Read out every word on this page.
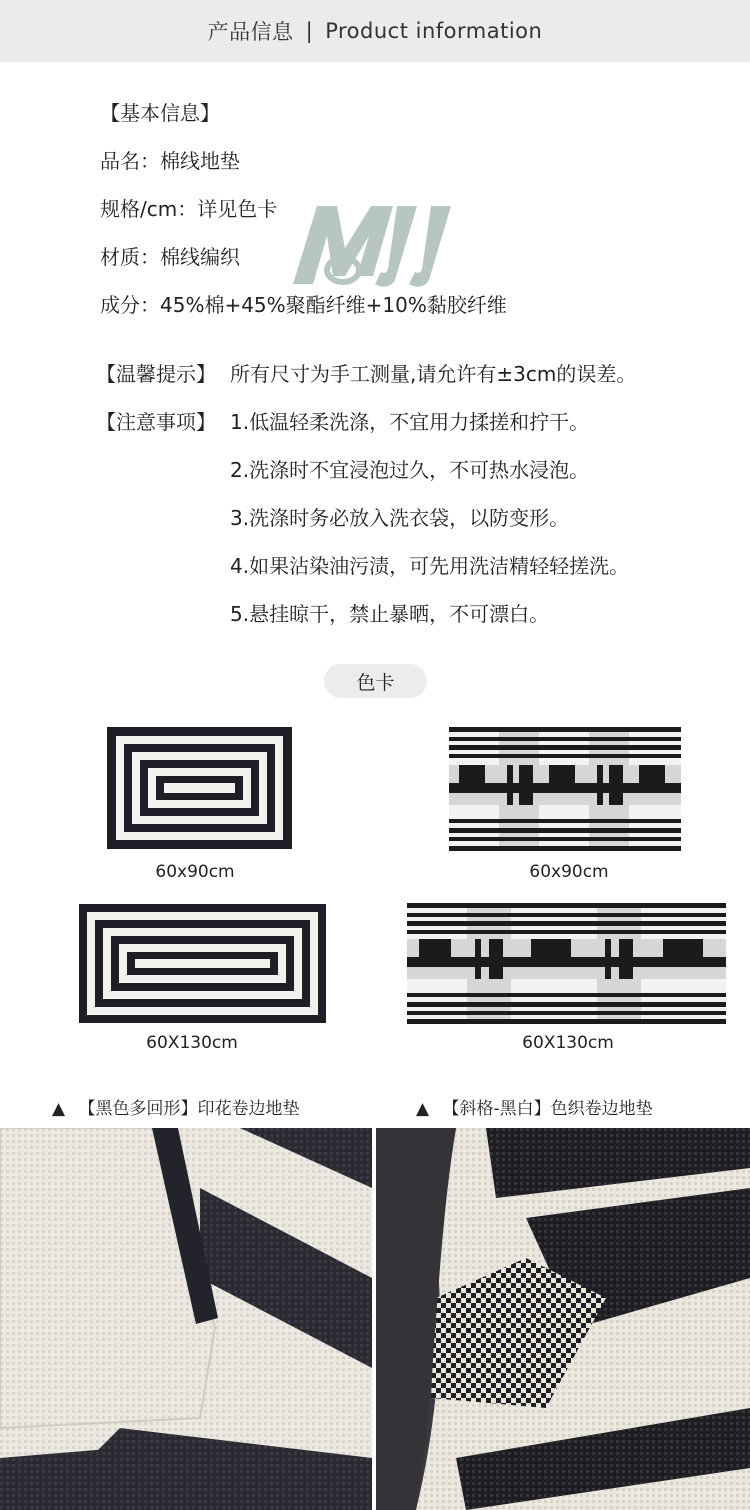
产品信息 | Product information
【基本信息】
品名：棉线地垫
规格/cm：详见色卡
材质：棉线编织
成分：45%棉+45%聚酯纤维+10%黏胶纤维
【温馨提示】 所有尺寸为手工测量,请允许有±3cm的误差。
【注意事项】 1.低温轻柔洗涤，不宜用力揉搓和拧干。
2.洗涤时不宜浸泡过久，不可热水浸泡。
3.洗涤时务必放入洗衣袋，以防变形。
4.如果沾染油污渍，可先用洗洁精轻轻搓洗。
5.悬挂晾干，禁止暴晒，不可漂白。
色卡
60x90cm	60x90cm
60X130cm	60X130cm
▲ 【黑色多回形】印花卷边地垫	▲ 【斜格-黑白】色织卷边地垫
